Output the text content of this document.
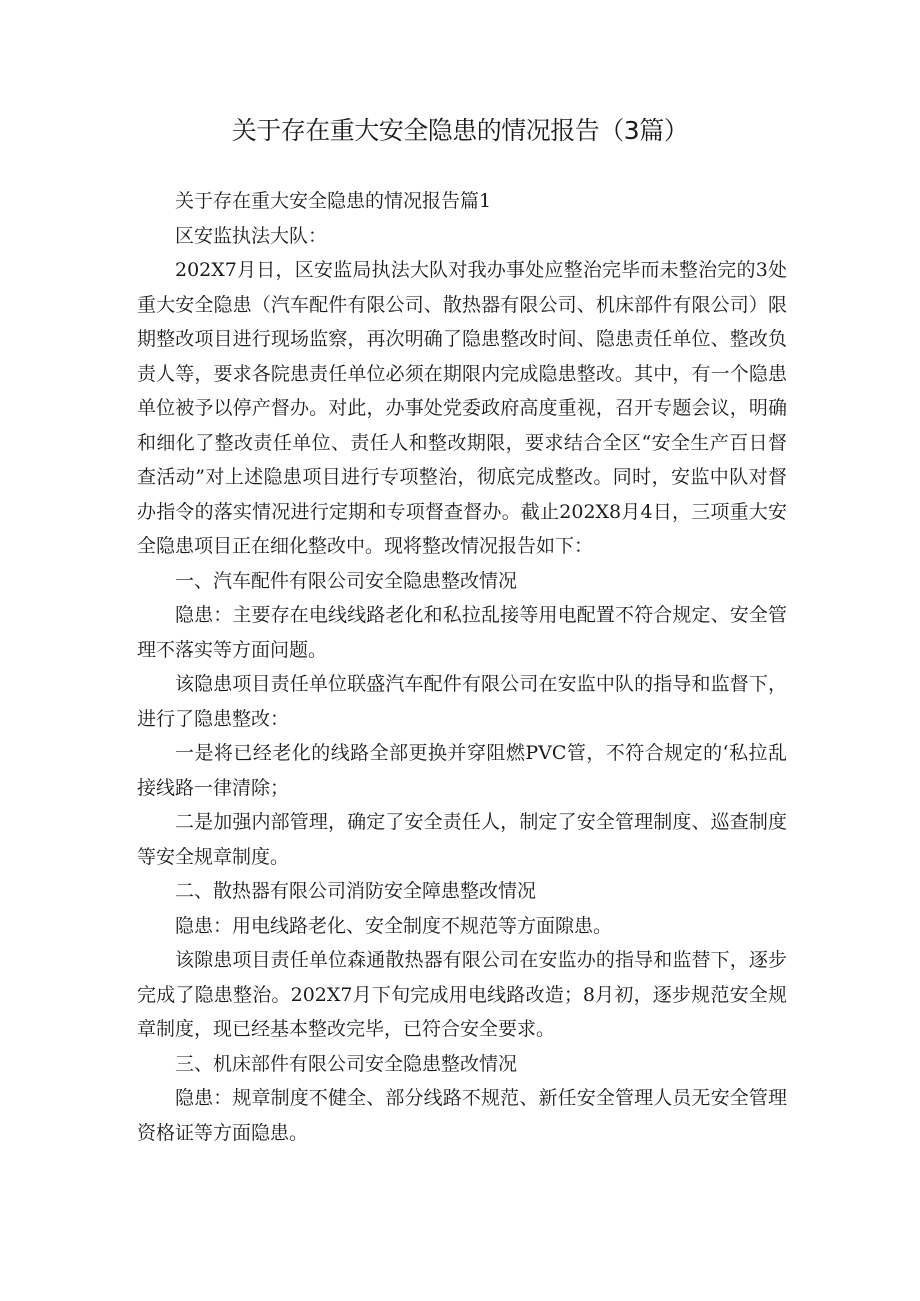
关于存在重大安全隐患的情况报告（3篇）

关于存在重大安全隐患的情况报告篇1

区安监执法大队：

202X7月日，区安监局执法大队对我办事处应整治完毕而未整治完的3处重大安全隐患（汽车配件有限公司、散热器有限公司、机床部件有限公司）限期整改项目进行现场监察，再次明确了隐患整改时间、隐患责任单位、整改负责人等，要求各院患责任单位必须在期限内完成隐患整改。其中，有一个隐患单位被予以停产督办。对此，办事处党委政府高度重视，召开专题会议，明确和细化了整改责任单位、责任人和整改期限，要求结合全区“安全生产百日督查活动”对上述隐患项目进行专项整治，彻底完成整改。同时，安监中队对督办指令的落实情况进行定期和专项督查督办。截止202X8月4日，三项重大安全隐患项目正在细化整改中。现将整改情况报告如下：

一、汽车配件有限公司安全隐患整改情况

隐患：主要存在电线线路老化和私拉乱接等用电配置不符合规定、安全管理不落实等方面问题。

该隐患项目责任单位联盛汽车配件有限公司在安监中队的指导和监督下，进行了隐患整改：

一是将已经老化的线路全部更换并穿阻燃PVC管，不符合规定的‘私拉乱接线路一律清除；

二是加强内部管理，确定了安全责任人，制定了安全管理制度、巡查制度等安全规章制度。

二、散热器有限公司消防安全障患整改情况

隐患：用电线路老化、安全制度不规范等方面隙患。

该隙患项目责任单位森通散热器有限公司在安监办的指导和监替下，逐步完成了隐患整治。202X7月下旬完成用电线路改造；8月初，逐步规范安全规章制度，现已经基本整改完毕，已符合安全要求。

三、机床部件有限公司安全隐患整改情况

隐患：规章制度不健全、部分线路不规范、新任安全管理人员无安全管理资格证等方面隐患。
